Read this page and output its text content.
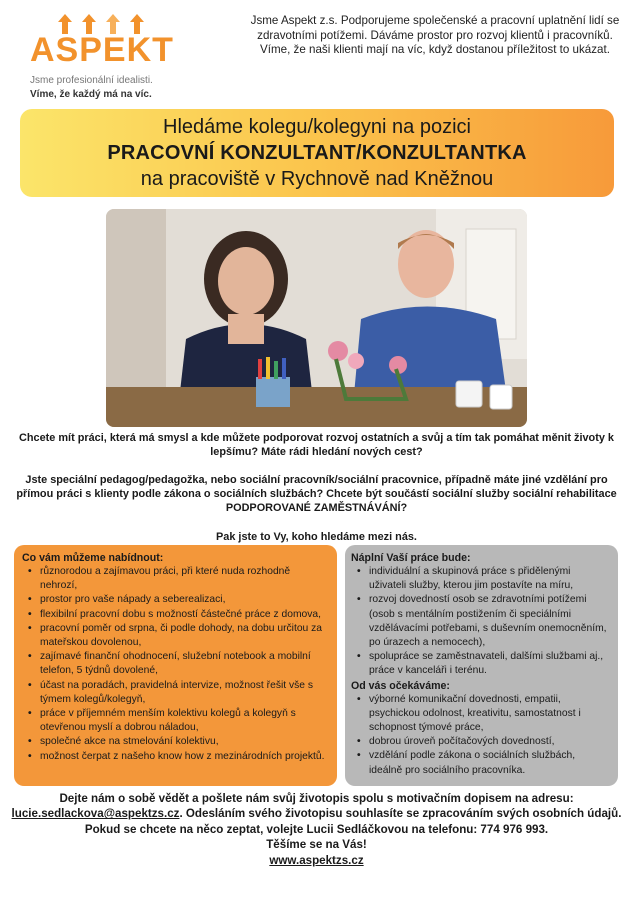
ASPEKT
Jsme profesionální idealisti.
Víme, že každý má na víc.
Jsme Aspekt z.s. Podporujeme společenské a pracovní uplatnění lidí se zdravotními potížemi. Dáváme prostor pro rozvoj klientů i pracovníků. Víme, že naši klienti mají na víc, když dostanou příležitost to ukázat.
Hledáme kolegu/kolegyni na pozici
PRACOVNÍ KONZULTANT/KONZULTANTKA
na pracoviště v Rychnově nad Kněžnou
Chcete mít práci, která má smysl a kde můžete podporovat rozvoj ostatních a svůj a tím tak pomáhat měnit životy k lepšímu? Máte rádi hledání nových cest?
Jste speciální pedagog/pedagožka, nebo sociální pracovník/sociální pracovnice, případně máte jiné vzdělání pro přímou práci s klienty podle zákona o sociálních službách? Chcete být součástí sociální služby sociální rehabilitace PODPOROVANÉ ZAMĚSTNÁVÁNÍ?
Pak jste to Vy, koho hledáme mezi nás.
Co vám můžeme nabídnout:
• různorodou a zajímavou práci, při které nuda rozhodně nehrozí,
• prostor pro vaše nápady a seberealizaci,
• flexibilní pracovní dobu s možností částečné práce z domova,
• pracovní poměr od srpna, či podle dohody, na dobu určitou za mateřskou dovolenou,
• zajímavé finanční ohodnocení, služební notebook a mobilní telefon, 5 týdnů dovolené,
• účast na poradách, pravidelná intervize, možnost řešit vše s týmem kolegů/kolegyň,
• práce v příjemném menším kolektivu kolegů a kolegyň s otevřenou myslí a dobrou náladou,
• společné akce na stmelování kolektivu,
• možnost čerpat z našeho know how z mezinárodních projektů.
Náplní Vaší práce bude:
• individuální a skupinová práce s přidělenými uživateli služby, kterou jim postavíte na míru,
• rozvoj dovedností osob se zdravotními potížemi (osob s mentálním postižením či speciálními vzdělávacími potřebami, s duševním onemocněním, po úrazech a nemocech),
• spolupráce se zaměstnavateli, dalšími službami aj., práce v kanceláři i terénu.
Od vás očekáváme:
• výborné komunikační dovednosti, empatii, psychickou odolnost, kreativitu, samostatnost i schopnost týmové práce,
• dobrou úroveň počítačových dovedností,
• vzdělání podle zákona o sociálních službách, ideálně pro sociálního pracovníka.
Dejte nám o sobě vědět a pošlete nám svůj životopis spolu s motivačním dopisem na adresu:
lucie.sedlackova@aspektzs.cz. Odesláním svého životopisu souhlasíte se zpracováním svých osobních údajů.
Pokud se chcete na něco zeptat, volejte Lucii Sedláčkovou na telefonu: 774 976 993.
Těšíme se na Vás!
www.aspektzs.cz
